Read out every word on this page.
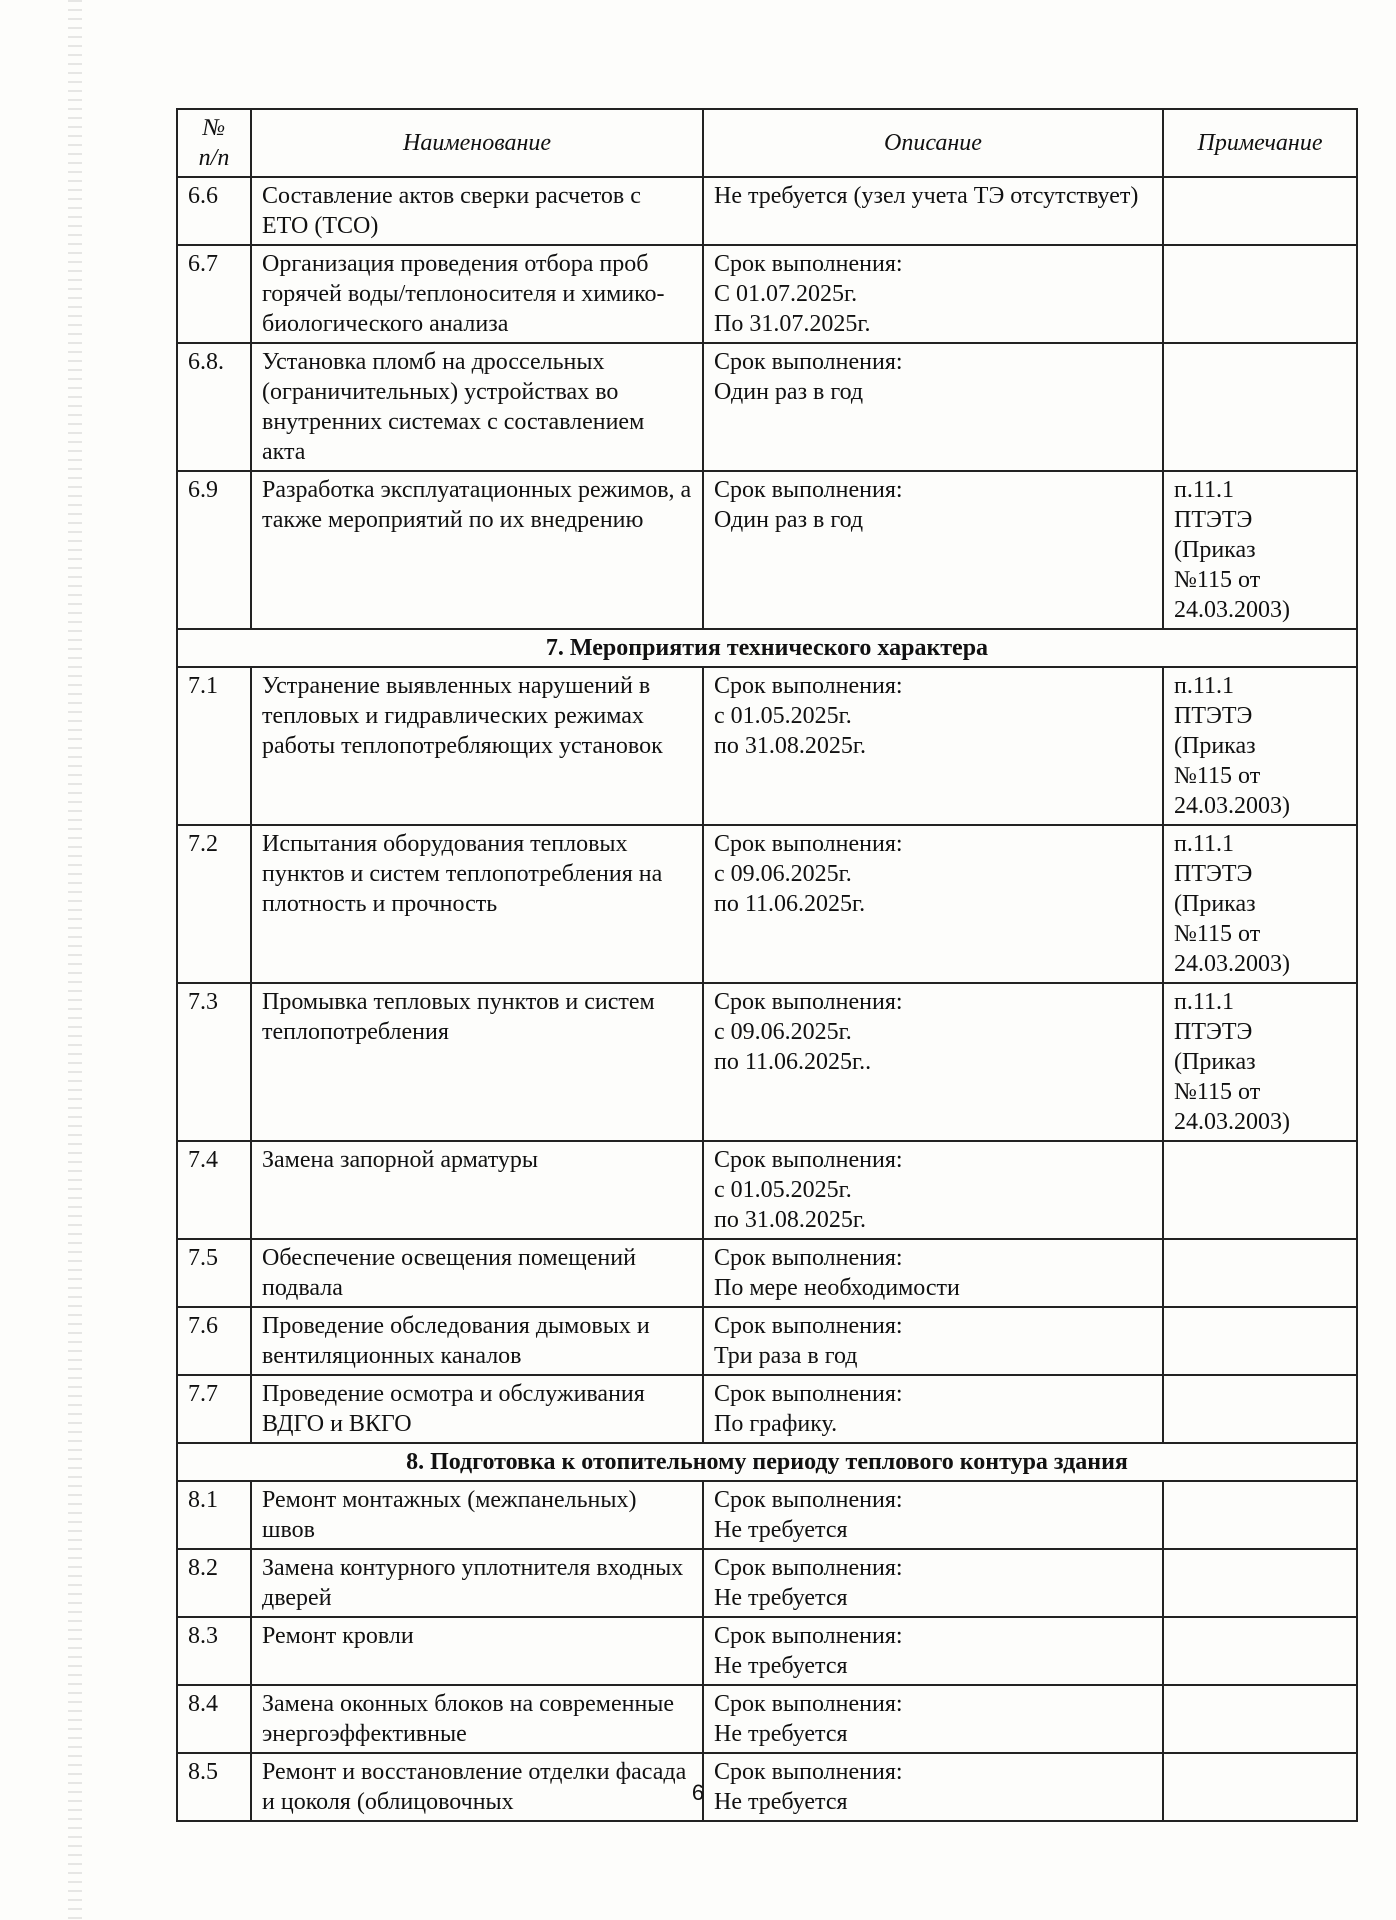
№
п/п	Наименование	Описание	Примечание
6.6	Составление актов сверки расчетов с ЕТО (ТСО)	Не требуется (узел учета ТЭ отсутствует)	
6.7	Организация проведения отбора проб горячей воды/теплоносителя и химико-биологического анализа	Срок выполнения:
С 01.07.2025г.
По 31.07.2025г.	
6.8.	Установка пломб на дроссельных (ограничительных) устройствах во внутренних системах с составлением акта	Срок выполнения:
Один раз в год	
6.9	Разработка эксплуатационных режимов, а также мероприятий по их внедрению	Срок выполнения:
Один раз в год	п.11.1
ПТЭТЭ
(Приказ
№115 от
24.03.2003)
7. Мероприятия технического характера			
7.1	Устранение выявленных нарушений в тепловых и гидравлических режимах работы теплопотребляющих установок	Срок выполнения:
с 01.05.2025г.
по 31.08.2025г.	п.11.1
ПТЭТЭ
(Приказ
№115 от
24.03.2003)
7.2	Испытания оборудования тепловых пунктов и систем теплопотребления на плотность и прочность	Срок выполнения:
с 09.06.2025г.
по 11.06.2025г.	п.11.1
ПТЭТЭ
(Приказ
№115 от
24.03.2003)
7.3	Промывка тепловых пунктов и систем теплопотребления	Срок выполнения:
с 09.06.2025г.
по 11.06.2025г..	п.11.1
ПТЭТЭ
(Приказ
№115 от
24.03.2003)
7.4	Замена запорной арматуры	Срок выполнения:
с 01.05.2025г.
по 31.08.2025г.	
7.5	Обеспечение освещения помещений подвала	Срок выполнения:
По мере необходимости	
7.6	Проведение обследования дымовых и вентиляционных каналов	Срок выполнения:
Три раза в год	
7.7	Проведение осмотра и обслуживания ВДГО и ВКГО	Срок выполнения:
По графику.	
8. Подготовка к отопительному периоду теплового контура здания			
8.1	Ремонт монтажных (межпанельных) швов	Срок выполнения:
Не требуется	
8.2	Замена контурного уплотнителя входных дверей	Срок выполнения:
Не требуется	
8.3	Ремонт кровли	Срок выполнения:
Не требуется	
8.4	Замена оконных блоков на современные энергоэффективные	Срок выполнения:
Не требуется	
8.5	Ремонт и восстановление отделки фасада и цоколя (облицовочных	Срок выполнения:
Не требуется	
6
